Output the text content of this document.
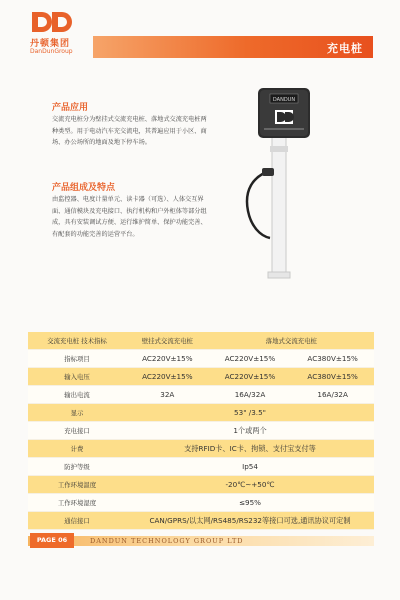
丹顿集团
DanDunGroup	充电桩
产品应用
交流充电桩分为壁挂式交流充电桩、落地式交流充电桩两种类型。用于电动汽车充交流电，其普遍应用于小区、商场、办公场所的地面及地下停车场。
产品组成及特点
由监控器、电度计量单元、读卡器（可选）、人体交互界面、通信模块及充电接口、执行机构和户外柜体等部分组成，具有安装调试方便、运行维护简单、保护功能完善、有配套的功能完善的运营平台。
DANDUN
交流充电桩 技术指标	壁挂式交流充电桩	落地式交流充电桩	
指标项目	AC220V±15%	AC220V±15%	AC380V±15%
输入电压	AC220V±15%	AC220V±15%	AC380V±15%
输出电流	32A	16A/32A	16A/32A
显示	53" /3.5"		
充电接口	1个或两个		
计费	支持RFID卡、IC卡、拘锁、支付宝支付等		
防护等级	Ip54		
工作环境温度	-20℃~+50℃		
工作环境湿度	≤95%		
通信接口	CAN/GPRS/以太网/RS485/RS232等接口可选,通讯协议可定制		
PAGE 06	DANDUN TECHNOLOGY GROUP LTD
